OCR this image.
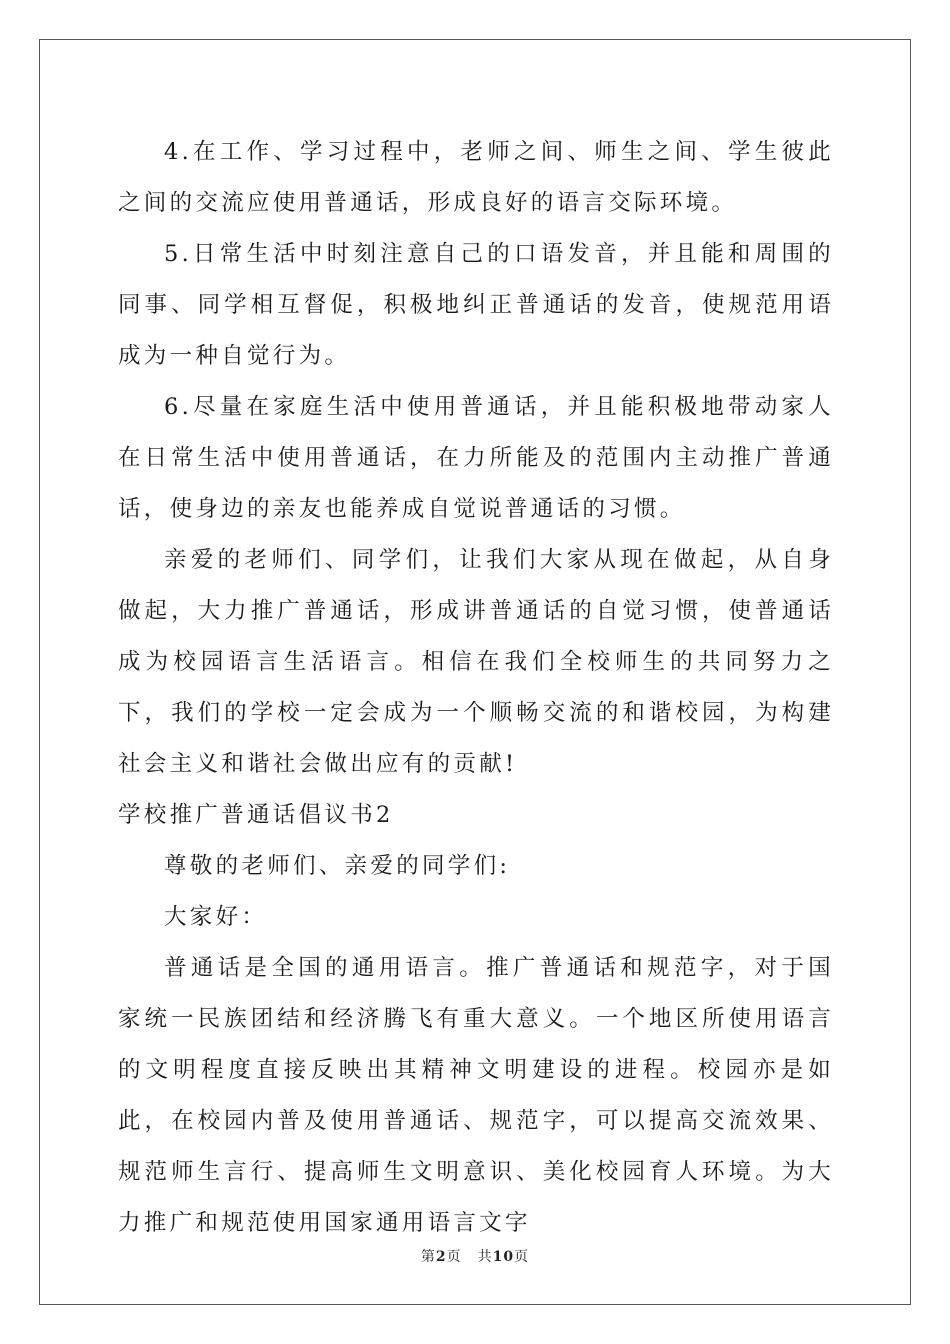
4.在工作、学习过程中，老师之间、师生之间、学生彼此之间的交流应使用普通话，形成良好的语言交际环境。

5.日常生活中时刻注意自己的口语发音，并且能和周围的同事、同学相互督促，积极地纠正普通话的发音，使规范用语成为一种自觉行为。

6.尽量在家庭生活中使用普通话，并且能积极地带动家人在日常生活中使用普通话，在力所能及的范围内主动推广普通话，使身边的亲友也能养成自觉说普通话的习惯。

亲爱的老师们、同学们，让我们大家从现在做起，从自身做起，大力推广普通话，形成讲普通话的自觉习惯，使普通话成为校园语言生活语言。相信在我们全校师生的共同努力之下，我们的学校一定会成为一个顺畅交流的和谐校园，为构建社会主义和谐社会做出应有的贡献!

学校推广普通话倡议书2

尊敬的老师们、亲爱的同学们:

大家好：

普通话是全国的通用语言。推广普通话和规范字，对于国家统一民族团结和经济腾飞有重大意义。一个地区所使用语言的文明程度直接反映出其精神文明建设的进程。校园亦是如此，在校园内普及使用普通话、规范字，可以提高交流效果、规范师生言行、提高师生文明意识、美化校园育人环境。为大力推广和规范使用国家通用语言文字

第2页 共10页
